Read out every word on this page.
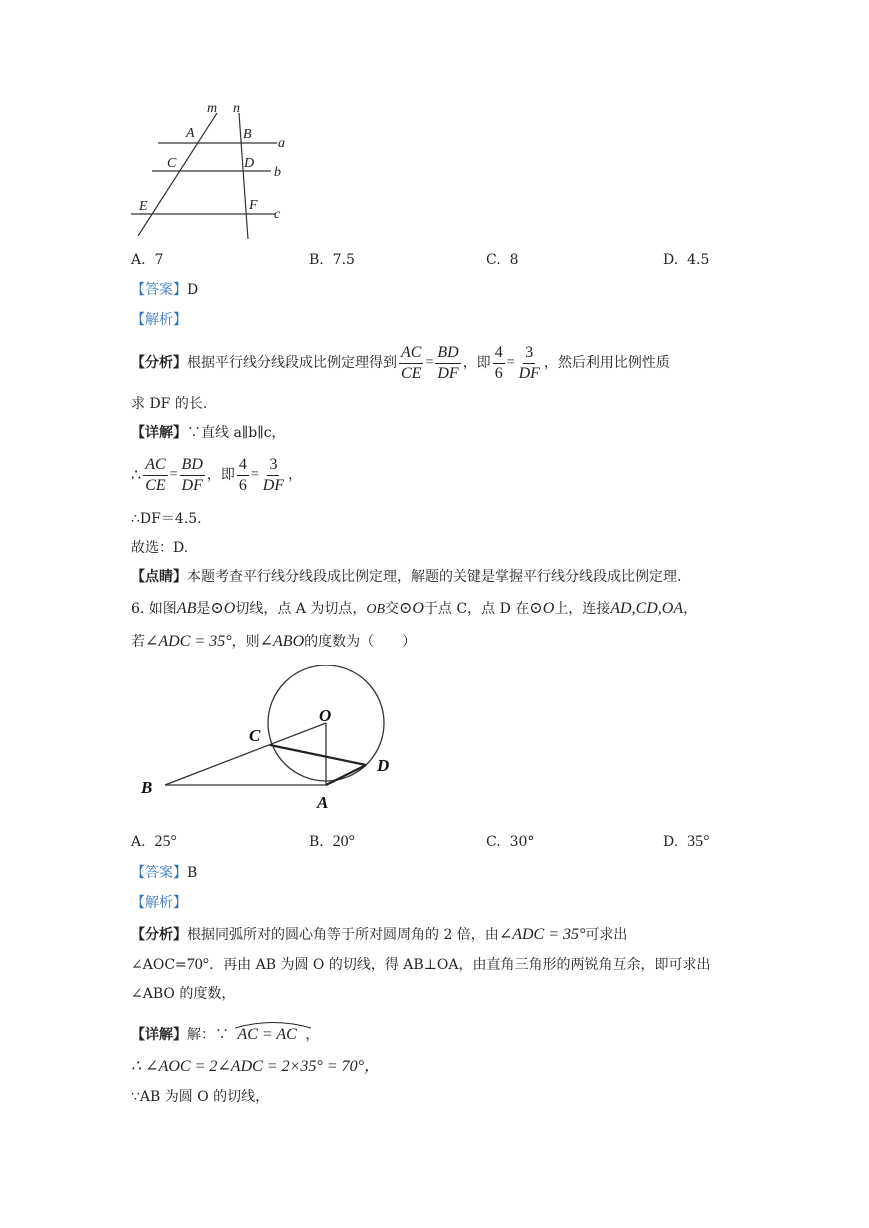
m n
A	B
a
C	D
b
E	F
c
A. 7	B. 7.5	C. 8	D. 4.5
【答案】D
【解析】
【分析】 根据平行线分线段成比例定理得到 $\frac{AC}{CE} = \frac{BD}{DF}$ ，即 $\frac{4}{6} = \frac{3}{DF}$ ，然后利用比例性质
求 DF 的长.
【详解】∵直线 a∥b∥c，
∴ $\frac{AC}{CE} = \frac{BD}{DF}$ ，即 $\frac{4}{6} = \frac{3}{DF}$ ，
∴DF＝4.5.
故选：D.
【点睛】本题考查平行线分线段成比例定理，解题的关键是掌握平行线分线段成比例定理.
6. 如图AB是⊙O切线，点 A 为切点，OB交⊙O于点 C，点 D 在⊙O上，连接AD,CD,OA，
若∠ADC = 35°，则∠ABO的度数为（　　）
O
C
D
B
A
A. 25°	B. 20°	C. 30°	D. 35°
【答案】B
【解析】
【分析】根据同弧所对的圆心角等于所对圆周角的 2 倍，由∠ADC = 35°可求出
∠AOC=70°．再由 AB 为圆 O 的切线，得 AB⊥OA，由直角三角形的两锐角互余，即可求出
∠ABO 的度数，
【详解】解：∵ AC = AC ，
∴ ∠AOC = 2∠ADC = 2×35° = 70°，
∵AB 为圆 O 的切线，
